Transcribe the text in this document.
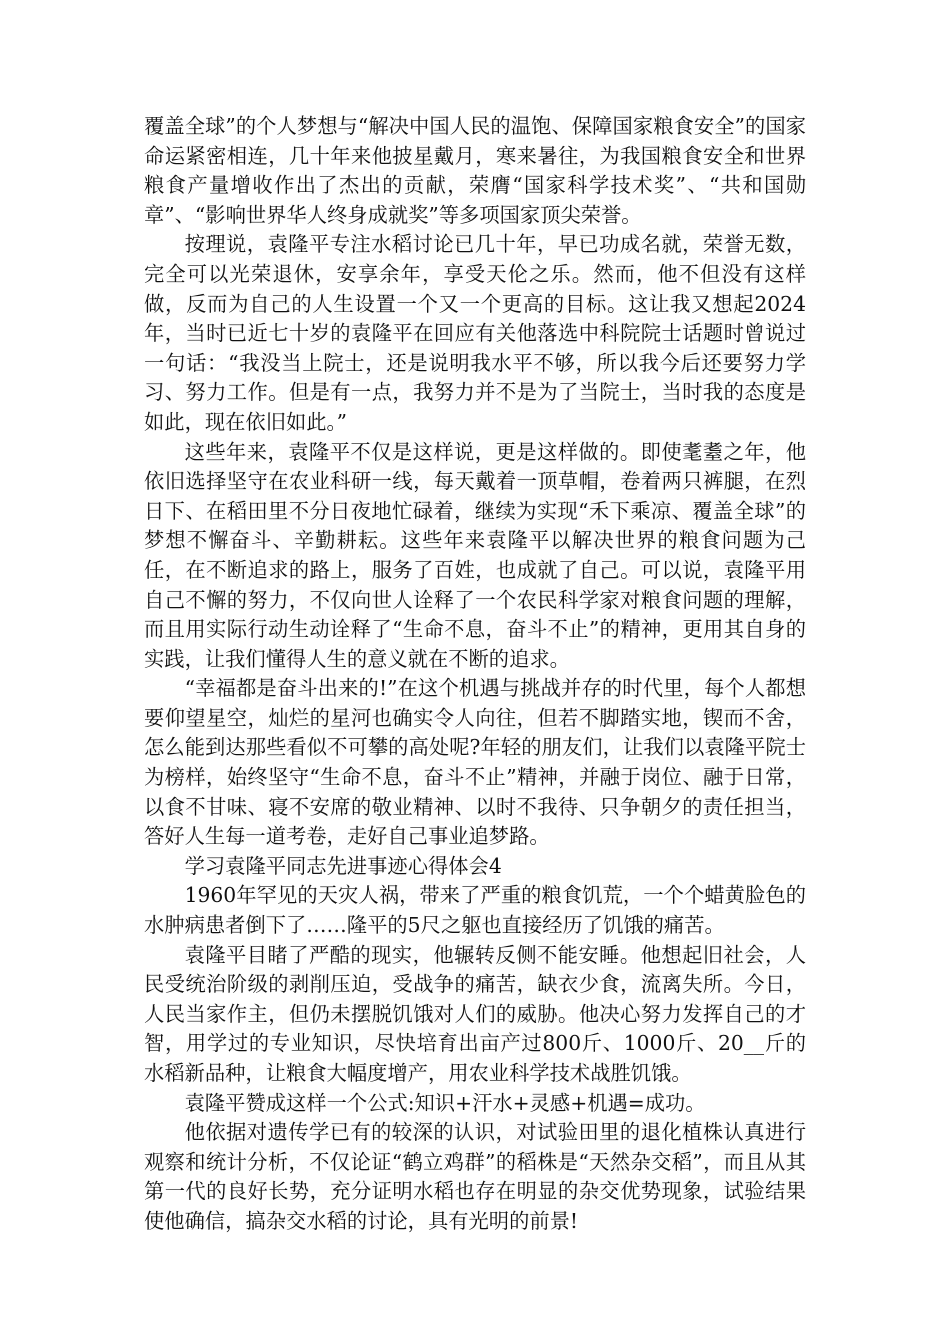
覆盖全球”的个人梦想与“解决中国人民的温饱、保障国家粮食安全”的国家命运紧密相连，几十年来他披星戴月，寒来暑往，为我国粮食安全和世界粮食产量增收作出了杰出的贡献，荣膺“国家科学技术奖”、“共和国勋章”、“影响世界华人终身成就奖”等多项国家顶尖荣誉。

按理说，袁隆平专注水稻讨论已几十年，早已功成名就，荣誉无数，完全可以光荣退休，安享余年，享受天伦之乐。然而，他不但没有这样做，反而为自己的人生设置一个又一个更高的目标。这让我又想起2024年，当时已近七十岁的袁隆平在回应有关他落选中科院院士话题时曾说过一句话：“我没当上院士，还是说明我水平不够，所以我今后还要努力学习、努力工作。但是有一点，我努力并不是为了当院士，当时我的态度是如此，现在依旧如此。”

这些年来，袁隆平不仅是这样说，更是这样做的。即使耄耋之年，他依旧选择坚守在农业科研一线，每天戴着一顶草帽，卷着两只裤腿，在烈日下、在稻田里不分日夜地忙碌着，继续为实现“禾下乘凉、覆盖全球”的梦想不懈奋斗、辛勤耕耘。这些年来袁隆平以解决世界的粮食问题为己任，在不断追求的路上，服务了百姓，也成就了自己。可以说，袁隆平用自己不懈的努力，不仅向世人诠释了一个农民科学家对粮食问题的理解，而且用实际行动生动诠释了“生命不息，奋斗不止”的精神，更用其自身的实践，让我们懂得人生的意义就在不断的追求。

“幸福都是奋斗出来的!”在这个机遇与挑战并存的时代里，每个人都想要仰望星空，灿烂的星河也确实令人向往，但若不脚踏实地，锲而不舍，怎么能到达那些看似不可攀的高处呢?年轻的朋友们，让我们以袁隆平院士为榜样，始终坚守“生命不息，奋斗不止”精神，并融于岗位、融于日常，以食不甘味、寝不安席的敬业精神、以时不我待、只争朝夕的责任担当，答好人生每一道考卷，走好自己事业追梦路。

学习袁隆平同志先进事迹心得体会4

1960年罕见的天灾人祸，带来了严重的粮食饥荒，一个个蜡黄脸色的水肿病患者倒下了……隆平的5尺之躯也直接经历了饥饿的痛苦。

袁隆平目睹了严酷的现实，他辗转反侧不能安睡。他想起旧社会，人民受统治阶级的剥削压迫，受战争的痛苦，缺衣少食，流离失所。今日，人民当家作主，但仍未摆脱饥饿对人们的威胁。他决心努力发挥自己的才智，用学过的专业知识，尽快培育出亩产过800斤、1000斤、20__斤的水稻新品种，让粮食大幅度增产，用农业科学技术战胜饥饿。

袁隆平赞成这样一个公式:知识+汗水+灵感+机遇=成功。

他依据对遗传学已有的较深的认识，对试验田里的退化植株认真进行观察和统计分析，不仅论证“鹤立鸡群”的稻株是“天然杂交稻”，而且从其第一代的良好长势，充分证明水稻也存在明显的杂交优势现象，试验结果使他确信，搞杂交水稻的讨论，具有光明的前景!
